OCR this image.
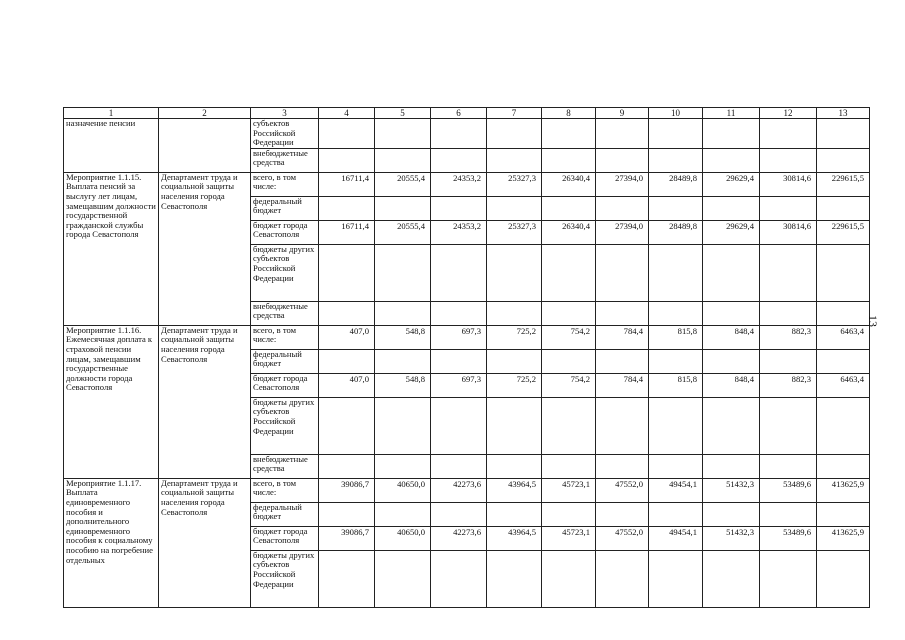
1	2	3	4	5	6	7	8	9	10	11	12	13
назначение пенсии		субъектов Российской Федерации										
		внебюджетные средства										
Мероприятие 1.1.15. Выплата пенсий за выслугу лет лицам, замещавшим должности государственной гражданской службы города Севастополя	Департамент труда и социальной защиты населения города Севастополя	всего, в том числе:	16711,4	20555,4	24353,2	25327,3	26340,4	27394,0	28489,8	29629,4	30814,6	229615,5
		федеральный бюджет										
		бюджет города Севастополя	16711,4	20555,4	24353,2	25327,3	26340,4	27394,0	28489,8	29629,4	30814,6	229615,5
		бюджеты других субъектов Российской Федерации										
		внебюджетные средства										
Мероприятие 1.1.16. Ежемесячная доплата к страховой пенсии лицам, замещавшим государственные должности города Севастополя	Департамент труда и социальной защиты населения города Севастополя	всего, в том числе:	407,0	548,8	697,3	725,2	754,2	784,4	815,8	848,4	882,3	6463,4
		федеральный бюджет										
		бюджет города Севастополя	407,0	548,8	697,3	725,2	754,2	784,4	815,8	848,4	882,3	6463,4
		бюджеты других субъектов Российской Федерации										
		внебюджетные средства										
Мероприятие 1.1.17. Выплата единовременного пособия и дополнительного единовременного пособия к социальному пособию на погребение отдельных	Департамент труда и социальной защиты населения города Севастополя	всего, в том числе:	39086,7	40650,0	42273,6	43964,5	45723,1	47552,0	49454,1	51432,3	53489,6	413625,9
		федеральный бюджет										
		бюджет города Севастополя	39086,7	40650,0	42273,6	43964,5	45723,1	47552,0	49454,1	51432,3	53489,6	413625,9
		бюджеты других субъектов Российской Федерации										
13
